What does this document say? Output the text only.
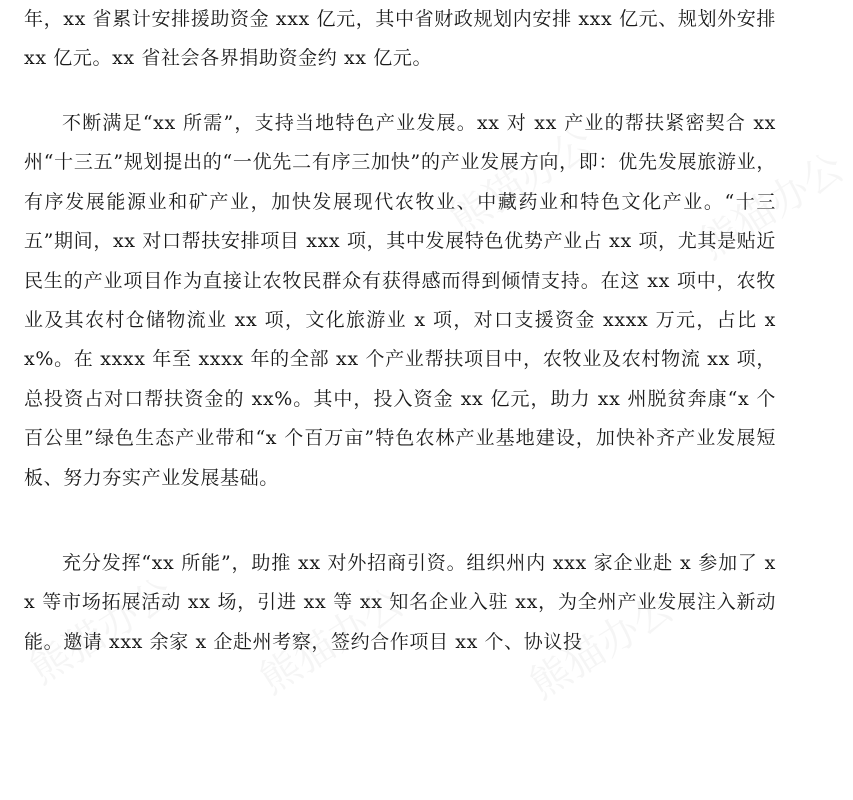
年，xx 省累计安排援助资金 xxx 亿元，其中省财政规划内安排 xxx 亿元、规划外安排 xx 亿元。xx 省社会各界捐助资金约 xx 亿元。

不断满足“xx 所需”，支持当地特色产业发展。xx 对 xx 产业的帮扶紧密契合 xx 州“十三五”规划提出的“一优先二有序三加快”的产业发展方向，即：优先发展旅游业，有序发展能源业和矿产业，加快发展现代农牧业、中藏药业和特色文化产业。“十三五”期间，xx 对口帮扶安排项目 xxx 项，其中发展特色优势产业占 xx 项，尤其是贴近民生的产业项目作为直接让农牧民群众有获得感而得到倾情支持。在这 xx 项中，农牧业及其农村仓储物流业 xx 项，文化旅游业 x 项，对口支援资金 xxxx 万元，占比 xx%。在 xxxx 年至 xxxx 年的全部 xx 个产业帮扶项目中，农牧业及农村物流 xx 项，总投资占对口帮扶资金的 xx%。其中，投入资金 xx 亿元，助力 xx 州脱贫奔康“x 个百公里”绿色生态产业带和“x 个百万亩”特色农林产业基地建设，加快补齐产业发展短板、努力夯实产业发展基础。

充分发挥“xx 所能”，助推 xx 对外招商引资。组织州内 xxx 家企业赴 x 参加了 xx 等市场拓展活动 xx 场，引进 xx 等 xx 知名企业入驻 xx，为全州产业发展注入新动能。邀请 xxx 余家 x 企赴州考察，签约合作项目 xx 个、协议投

熊猫办公 熊猫办公
熊猫办公 熊猫办公	熊猫办公
